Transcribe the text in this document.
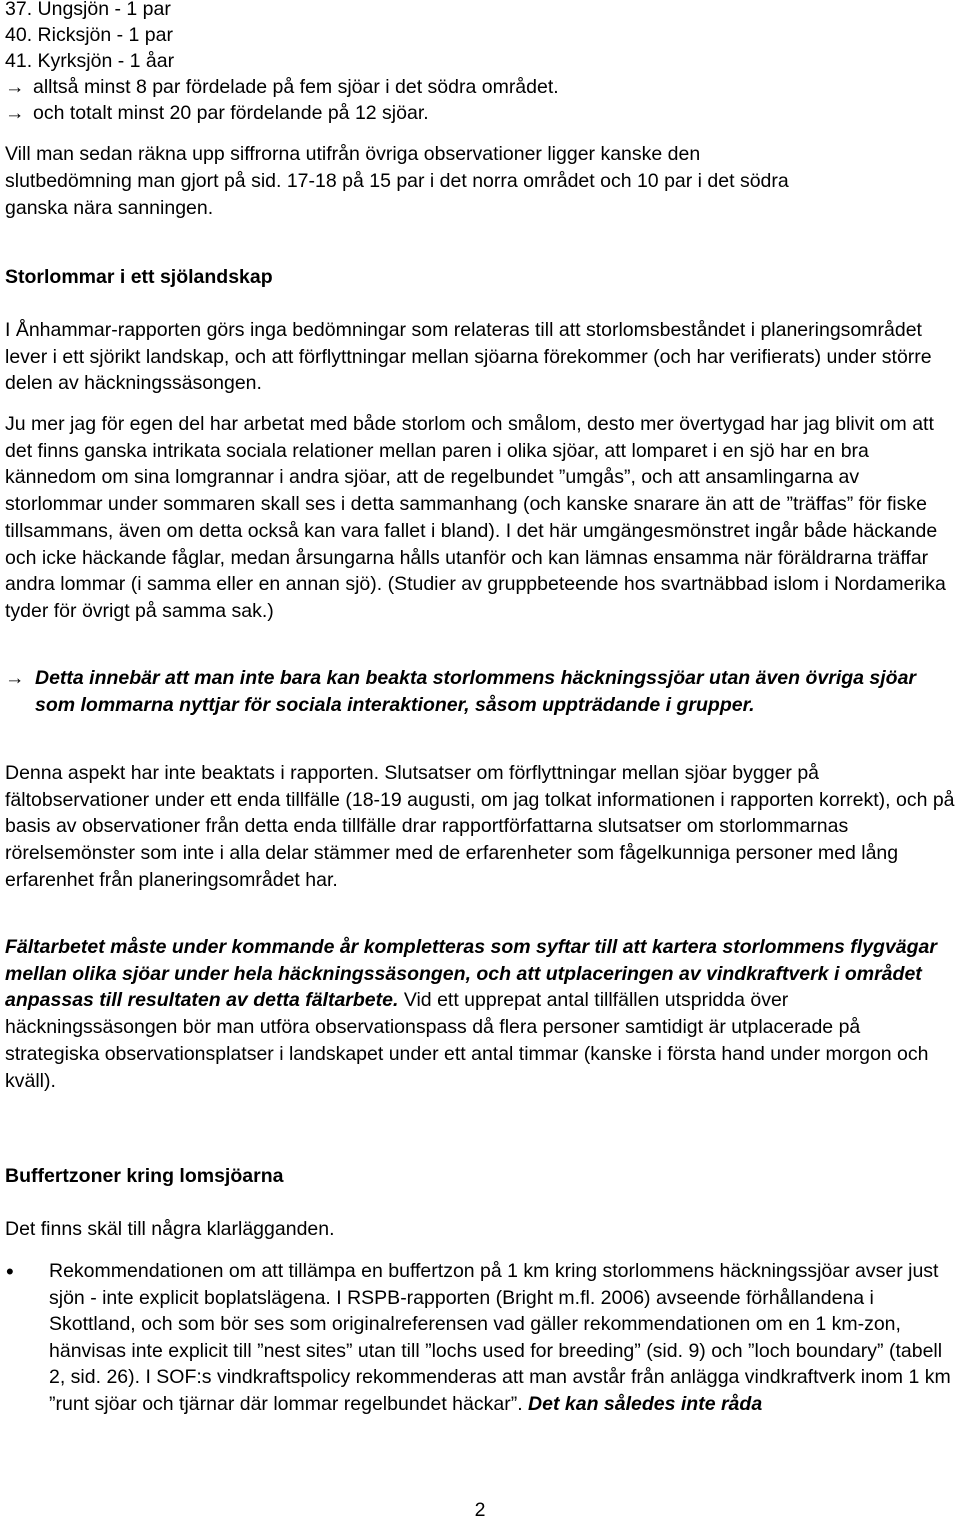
37. Ungsjön - 1 par
40. Ricksjön - 1 par
41. Kyrksjön - 1 åar
→ alltså minst 8 par fördelade på fem sjöar i det södra området.
→ och totalt minst 20 par fördelande på 12 sjöar.
Vill man sedan räkna upp siffrorna utifrån övriga observationer ligger kanske den
slutbedömning man gjort på sid. 17-18 på 15 par i det norra området och 10 par i det södra
ganska nära sanningen.
Storlommar i ett sjölandskap

I Ånhammar-rapporten görs inga bedömningar som relateras till att storlomsbeståndet i planeringsområdet lever i ett sjörikt landskap, och att förflyttningar mellan sjöarna förekommer (och har verifierats) under större delen av häckningssäsongen.

Ju mer jag för egen del har arbetat med både storlom och smålom, desto mer övertygad har jag blivit om att det finns ganska intrikata sociala relationer mellan paren i olika sjöar, att lomparet i en sjö har en bra kännedom om sina lomgrannar i andra sjöar, att de regelbundet ”umgås”, och att ansamlingarna av storlommar under sommaren skall ses i detta sammanhang (och kanske snarare än att de ”träffas” för fiske tillsammans, även om detta också kan vara fallet i bland). I det här umgängesmönstret ingår både häckande och icke häckande fåglar, medan årsungarna hålls utanför och kan lämnas ensamma när föräldrarna träffar andra lommar (i samma eller en annan sjö). (Studier av gruppbeteende hos svartnäbbad islom i Nordamerika tyder för övrigt på samma sak.)

→ Detta innebär att man inte bara kan beakta storlommens häckningssjöar utan även övriga sjöar som lommarna nyttjar för sociala interaktioner, såsom uppträdande i grupper.

Denna aspekt har inte beaktats i rapporten. Slutsatser om förflyttningar mellan sjöar bygger på fältobservationer under ett enda tillfälle (18-19 augusti, om jag tolkat informationen i rapporten korrekt), och på basis av observationer från detta enda tillfälle drar rapportförfattarna slutsatser om storlommarnas rörelsemönster som inte i alla delar stämmer med de erfarenheter som fågelkunniga personer med lång erfarenhet från planeringsområdet har.

Fältarbetet måste under kommande år kompletteras som syftar till att kartera storlommens flygvägar mellan olika sjöar under hela häckningssäsongen, och att utplaceringen av vindkraftverk i området anpassas till resultaten av detta fältarbete. Vid ett upprepat antal tillfällen utspridda över häckningssäsongen bör man utföra observationspass då flera personer samtidigt är utplacerade på strategiska observationsplatser i landskapet under ett antal timmar (kanske i första hand under morgon och kväll).

Buffertzoner kring lomsjöarna
Det finns skäl till några klarlägganden.
• Rekommendationen om att tillämpa en buffertzon på 1 km kring storlommens häckningssjöar avser just sjön - inte explicit boplatslägena. I RSPB-rapporten (Bright m.fl. 2006) avseende förhållandena i Skottland, och som bör ses som originalreferensen vad gäller rekommendationen om en 1 km-zon, hänvisas inte explicit till ”nest sites” utan till ”lochs used for breeding” (sid. 9) och ”loch boundary” (tabell 2, sid. 26). I SOF:s vindkraftspolicy rekommenderas att man avstår från anlägga vindkraftverk inom 1 km ”runt sjöar och tjärnar där lommar regelbundet häckar”. Det kan således inte råda

2
